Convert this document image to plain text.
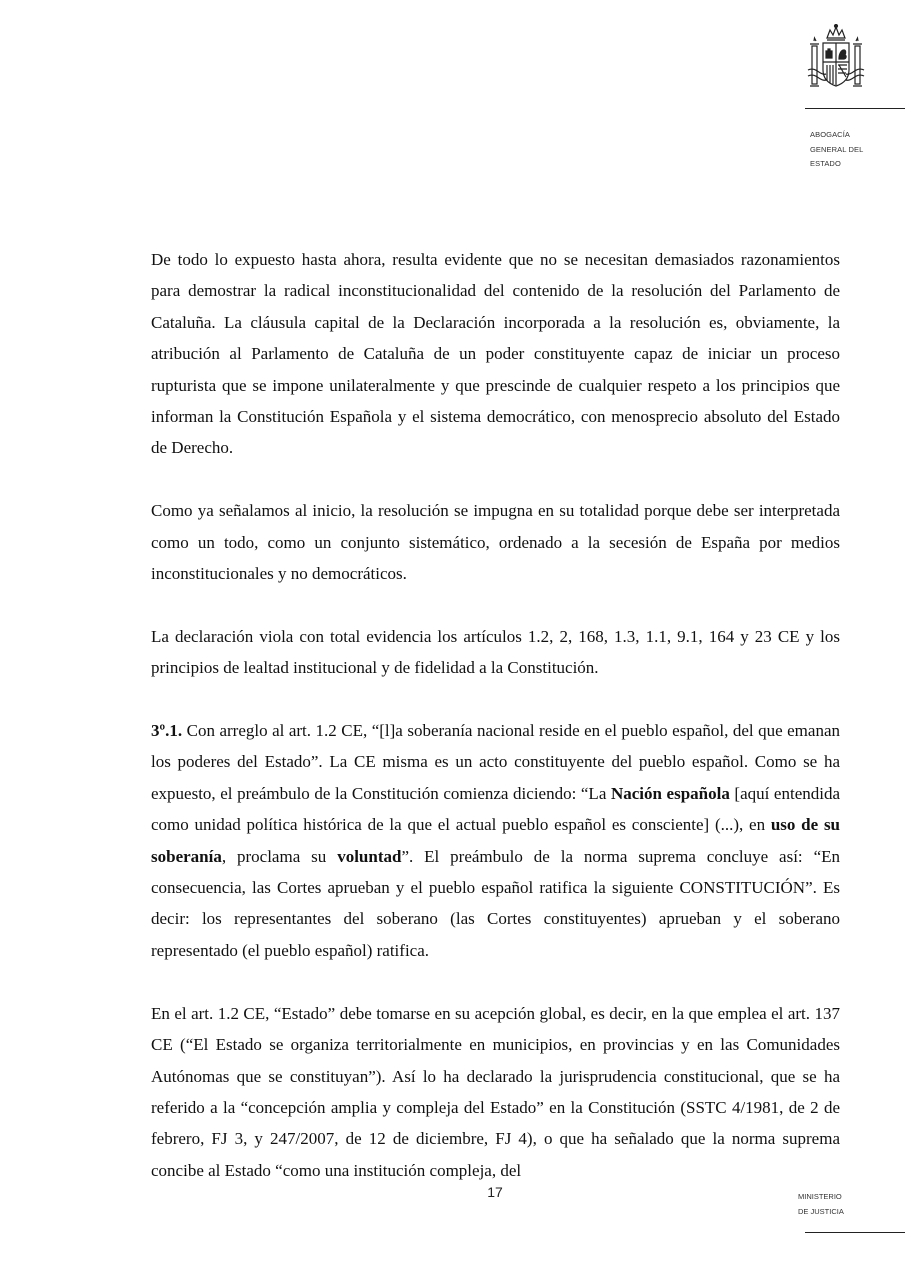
ABOGACÍA
GENERAL DEL
ESTADO

De todo lo expuesto hasta ahora, resulta evidente que no se necesitan demasiados razonamientos para demostrar la radical inconstitucionalidad del contenido de la resolución del Parlamento de Cataluña. La cláusula capital de la Declaración incorporada a la resolución es, obviamente, la atribución al Parlamento de Cataluña de un poder constituyente capaz de iniciar un proceso rupturista que se impone unilateralmente y que prescinde de cualquier respeto a los principios que informan la Constitución Española y el sistema democrático, con menosprecio absoluto del Estado de Derecho.

Como ya señalamos al inicio, la resolución se impugna en su totalidad porque debe ser interpretada como un todo, como un conjunto sistemático, ordenado a la secesión de España por medios inconstitucionales y no democráticos.

La declaración viola con total evidencia los artículos 1.2, 2, 168, 1.3, 1.1, 9.1, 164 y 23 CE y los principios de lealtad institucional y de fidelidad a la Constitución.

3º.1. Con arreglo al art. 1.2 CE, “[l]a soberanía nacional reside en el pueblo español, del que emanan los poderes del Estado”. La CE misma es un acto constituyente del pueblo español. Como se ha expuesto, el preámbulo de la Constitución comienza diciendo: “La Nación española [aquí entendida como unidad política histórica de la que el actual pueblo español es consciente] (...), en uso de su soberanía, proclama su voluntad”. El preámbulo de la norma suprema concluye así: “En consecuencia, las Cortes aprueban y el pueblo español ratifica la siguiente CONSTITUCIÓN”. Es decir: los representantes del soberano (las Cortes constituyentes) aprueban y el soberano representado (el pueblo español) ratifica.

En el art. 1.2 CE, “Estado” debe tomarse en su acepción global, es decir, en la que emplea el art. 137 CE (“El Estado se organiza territorialmente en municipios, en provincias y en las Comunidades Autónomas que se constituyan”). Así lo ha declarado la jurisprudencia constitucional, que se ha referido a la “concepción amplia y compleja del Estado” en la Constitución (SSTC 4/1981, de 2 de febrero, FJ 3, y 247/2007, de 12 de diciembre, FJ 4), o que ha señalado que la norma suprema concibe al Estado “como una institución compleja, del

17	MINISTERIO
DE JUSTICIA
